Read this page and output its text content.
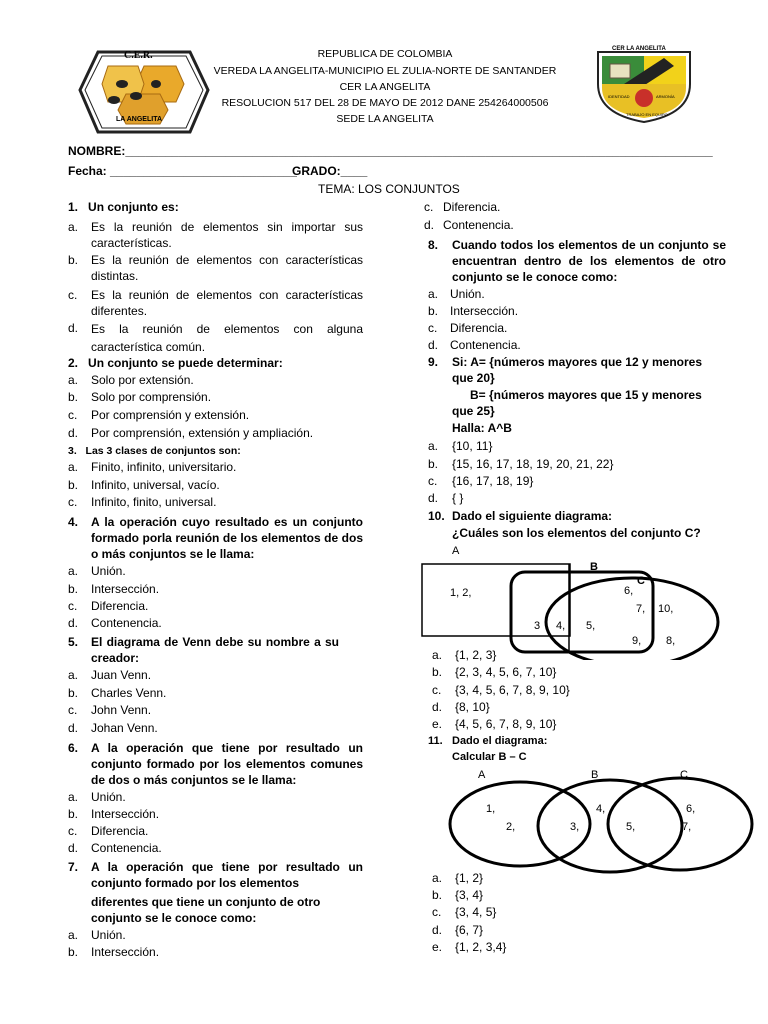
C.E.R.
LA ANGELITA
CER LA ANGELITA
IDENTIDAD	ARMONÍA
TRABAJO EN EQUIPO
REPUBLICA DE COLOMBIA
VEREDA LA ANGELITA-MUNICIPIO EL ZULIA-NORTE DE SANTANDER
CER LA ANGELITA
RESOLUCION 517 DEL 28 DE MAYO DE 2012 DANE 254264000506
SEDE LA ANGELITA
NOMBRE:________________________________________________________________________________________
Fecha: ____________________________
GRADO:____
TEMA: LOS CONJUNTOS
1. Un conjunto es:
a. Es la reunión de elementos sin importar sus características.
b. Es la reunión de elementos con características distintas.
c. Es la reunión de elementos con características diferentes.
d. Es la reunión de elementos con alguna característica común.
2. Un conjunto se puede determinar:
a. Solo por extensión.
b. Solo por comprensión.
c. Por comprensión y extensión.
d. Por comprensión, extensión y ampliación.
3. Las 3 clases de conjuntos son:
a. Finito, infinito, universitario.
b. Infinito, universal, vacío.
c. Infinito, finito, universal.
4. A la operación cuyo resultado es un conjunto formado porla reunión de los elementos de dos o más conjuntos se le llama:
a. Unión.
b. Intersección.
c. Diferencia.
d. Contenencia.
5. El diagrama de Venn debe su nombre a su creador:
a. Juan Venn.
b. Charles Venn.
c. John Venn.
d. Johan Venn.
6. A la operación que tiene por resultado un conjunto formado por los elementos comunes de dos o más conjuntos se le llama:
a. Unión.
b. Intersección.
c. Diferencia.
d. Contenencia.
7. A la operación que tiene por resultado un conjunto formado por los elementos
diferentes que tiene un conjunto de otro conjunto se le conoce como:
a. Unión.
b. Intersección.
c. Diferencia.
d. Contenencia.
8. Cuando todos los elementos de un conjunto se encuentran dentro de los elementos de otro conjunto se le conoce como:
a. Unión.
b. Intersección.
c. Diferencia.
d. Contenencia.
9. Si: A= {números mayores que 12 y menores que 20}
B= {números mayores que 15 y menores que 25}
Halla: A^B
a. {10, 11}
b. {15, 16, 17, 18, 19, 20, 21, 22}
c. {16, 17, 18, 19}
d. { }
10. Dado el siguiente diagrama:
¿Cuáles son los elementos del conjunto C?
A
B
C
1, 2,
3 4, 5,
6,
7, 10,
9, 8,
a. {1, 2, 3}
b. {2, 3, 4, 5, 6, 7, 10}
c. {3, 4, 5, 6, 7, 8, 9, 10}
d. {8, 10}
e. {4, 5, 6, 7, 8, 9, 10}
11. Dado el diagrama:
Calcular B – C
A	B	C
1,
2,	3,
4,
5,
6,
7,
a. {1, 2}
b. {3, 4}
c. {3, 4, 5}
d. {6, 7}
e. {1, 2, 3,4}
